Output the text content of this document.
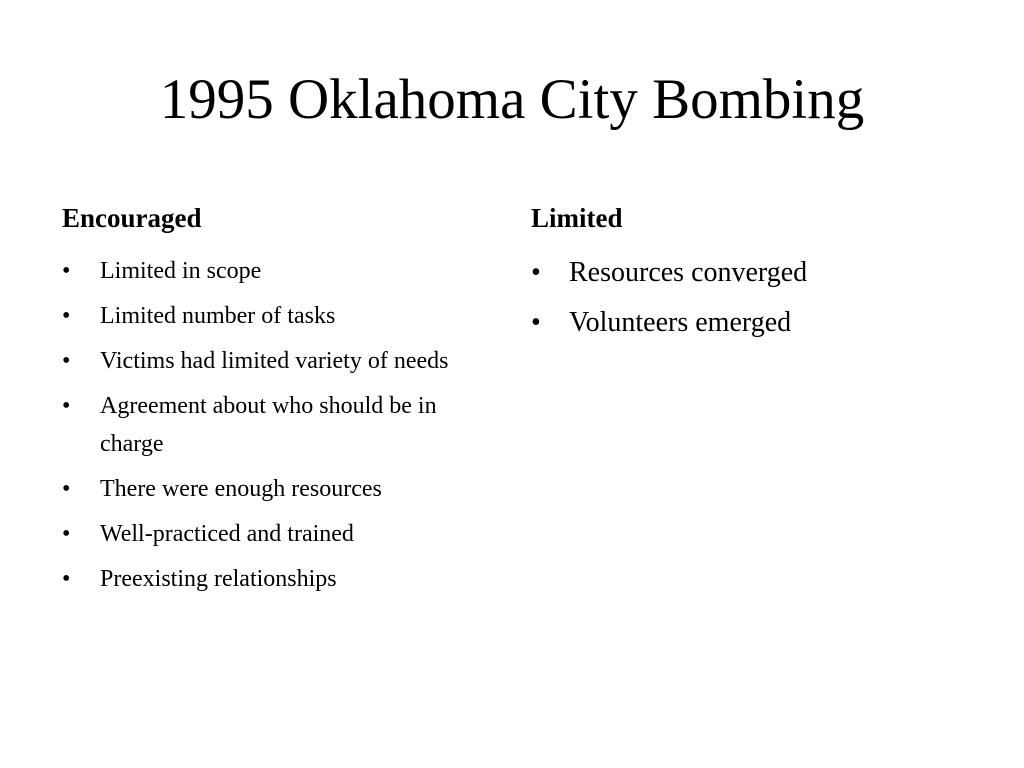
1995 Oklahoma City Bombing
Encouraged
• Limited in scope
• Limited number of tasks
• Victims had limited variety of needs
• Agreement about who should be in charge
• There were enough resources
• Well-practiced and trained
• Preexisting relationships
Limited
• Resources converged
• Volunteers emerged
